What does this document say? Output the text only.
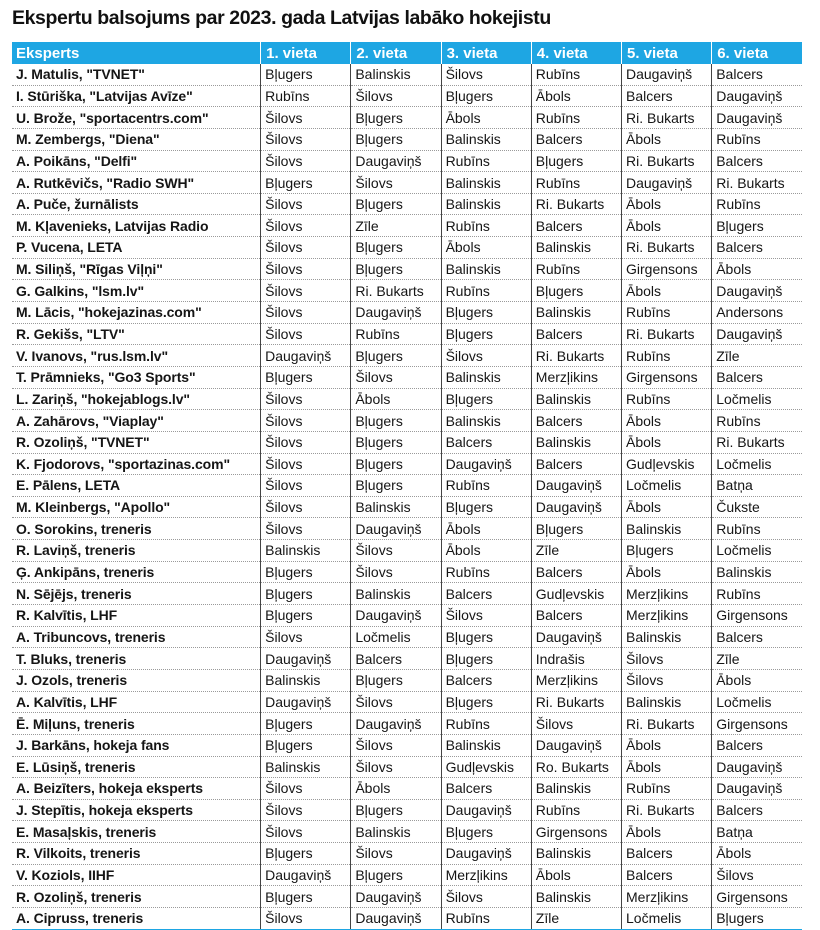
Ekspertu balsojums par 2023. gada Latvijas labāko hokejistu
Eksperts	1. vieta	2. vieta	3. vieta	4. vieta	5. vieta	6. vieta
J. Matulis, "TVNET"	Bļugers	Balinskis	Šilovs	Rubīns	Daugaviņš	Balcers
I. Stūriška, "Latvijas Avīze"	Rubīns	Šilovs	Bļugers	Ābols	Balcers	Daugaviņš
U. Brože, "sportacentrs.com"	Šilovs	Bļugers	Ābols	Rubīns	Ri. Bukarts	Daugaviņš
M. Zembergs, "Diena"	Šilovs	Bļugers	Balinskis	Balcers	Ābols	Rubīns
A. Poikāns, "Delfi"	Šilovs	Daugaviņš	Rubīns	Bļugers	Ri. Bukarts	Balcers
A. Rutkēvičs, "Radio SWH"	Bļugers	Šilovs	Balinskis	Rubīns	Daugaviņš	Ri. Bukarts
A. Puče, žurnālists	Šilovs	Bļugers	Balinskis	Ri. Bukarts	Ābols	Rubīns
M. Kļavenieks, Latvijas Radio	Šilovs	Zīle	Rubīns	Balcers	Ābols	Bļugers
P. Vucena, LETA	Šilovs	Bļugers	Ābols	Balinskis	Ri. Bukarts	Balcers
M. Siliņš, "Rīgas Viļņi"	Šilovs	Bļugers	Balinskis	Rubīns	Girgensons	Ābols
G. Galkins, "lsm.lv"	Šilovs	Ri. Bukarts	Rubīns	Bļugers	Ābols	Daugaviņš
M. Lācis, "hokejazinas.com"	Šilovs	Daugaviņš	Bļugers	Balinskis	Rubīns	Andersons
R. Gekišs, "LTV"	Šilovs	Rubīns	Bļugers	Balcers	Ri. Bukarts	Daugaviņš
V. Ivanovs, "rus.lsm.lv"	Daugaviņš	Bļugers	Šilovs	Ri. Bukarts	Rubīns	Zīle
T. Prāmnieks, "Go3 Sports"	Bļugers	Šilovs	Balinskis	Merzļikins	Girgensons	Balcers
L. Zariņš, "hokejablogs.lv"	Šilovs	Ābols	Bļugers	Balinskis	Rubīns	Ločmelis
A. Zahārovs, "Viaplay"	Šilovs	Bļugers	Balinskis	Balcers	Ābols	Rubīns
R. Ozoliņš, "TVNET"	Šilovs	Bļugers	Balcers	Balinskis	Ābols	Ri. Bukarts
K. Fjodorovs, "sportazinas.com"	Šilovs	Bļugers	Daugaviņš	Balcers	Gudļevskis	Ločmelis
E. Pālens, LETA	Šilovs	Bļugers	Rubīns	Daugaviņš	Ločmelis	Batņa
M. Kleinbergs, "Apollo"	Šilovs	Balinskis	Bļugers	Daugaviņš	Ābols	Čukste
O. Sorokins, treneris	Šilovs	Daugaviņš	Ābols	Bļugers	Balinskis	Rubīns
R. Laviņš, treneris	Balinskis	Šilovs	Ābols	Zīle	Bļugers	Ločmelis
Ģ. Ankipāns, treneris	Bļugers	Šilovs	Rubīns	Balcers	Ābols	Balinskis
N. Sējējs, treneris	Bļugers	Balinskis	Balcers	Gudļevskis	Merzļikins	Rubīns
R. Kalvītis, LHF	Bļugers	Daugaviņš	Šilovs	Balcers	Merzļikins	Girgensons
A. Tribuncovs, treneris	Šilovs	Ločmelis	Bļugers	Daugaviņš	Balinskis	Balcers
T. Bluks, treneris	Daugaviņš	Balcers	Bļugers	Indrašis	Šilovs	Zīle
J. Ozols, treneris	Balinskis	Bļugers	Balcers	Merzļikins	Šilovs	Ābols
A. Kalvītis, LHF	Daugaviņš	Šilovs	Bļugers	Ri. Bukarts	Balinskis	Ločmelis
Ē. Miļuns, treneris	Bļugers	Daugaviņš	Rubīns	Šilovs	Ri. Bukarts	Girgensons
J. Barkāns, hokeja fans	Bļugers	Šilovs	Balinskis	Daugaviņš	Ābols	Balcers
E. Lūsiņš, treneris	Balinskis	Šilovs	Gudļevskis	Ro. Bukarts	Ābols	Daugaviņš
A. Beizīters, hokeja eksperts	Šilovs	Ābols	Balcers	Balinskis	Rubīns	Daugaviņš
J. Stepītis, hokeja eksperts	Šilovs	Bļugers	Daugaviņš	Rubīns	Ri. Bukarts	Balcers
E. Masaļskis, treneris	Šilovs	Balinskis	Bļugers	Girgensons	Ābols	Batņa
R. Vilkoits, treneris	Bļugers	Šilovs	Daugaviņš	Balinskis	Balcers	Ābols
V. Koziols, IIHF	Daugaviņš	Bļugers	Merzļikins	Ābols	Balcers	Šilovs
R. Ozoliņš, treneris	Bļugers	Daugaviņš	Šilovs	Balinskis	Merzļikins	Girgensons
A. Cipruss, treneris	Šilovs	Daugaviņš	Rubīns	Zīle	Ločmelis	Bļugers
